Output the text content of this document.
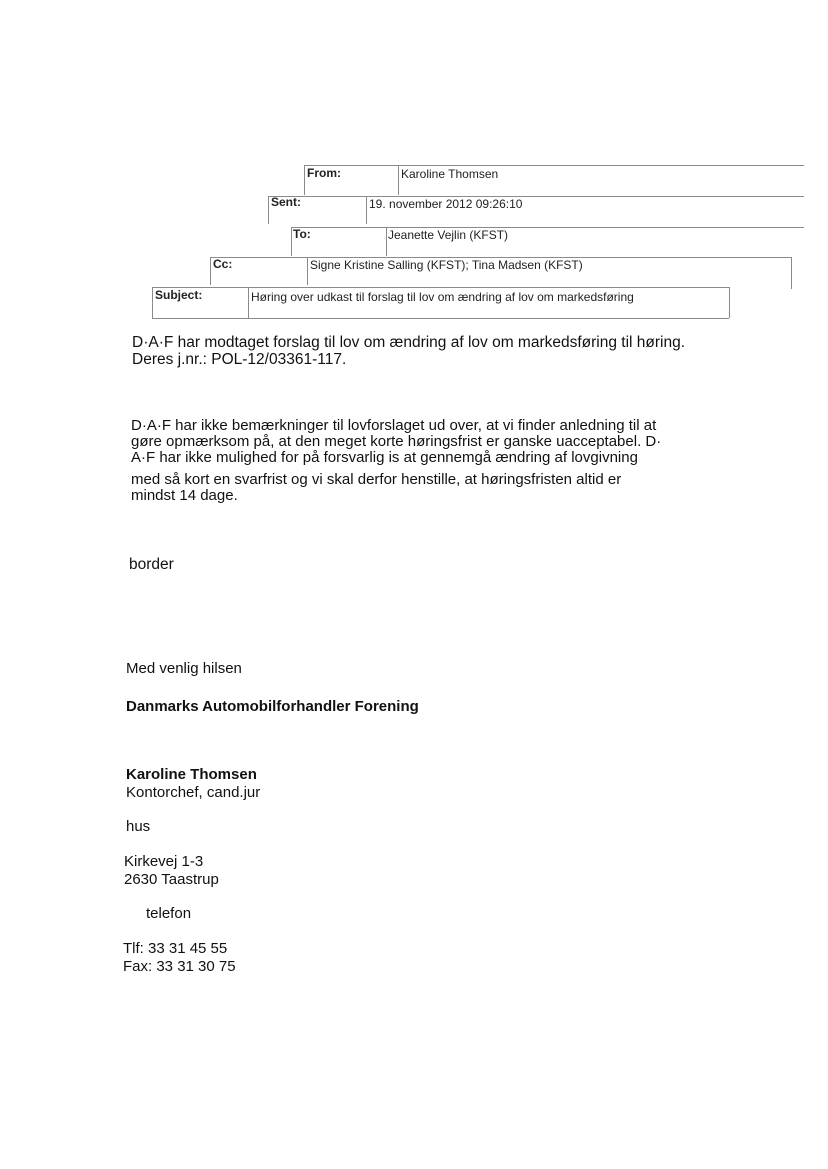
From:	Karoline Thomsen
Sent:	19. november 2012 09:26:10
To:	Jeanette Vejlin (KFST)
Cc:	Signe Kristine Salling (KFST); Tina Madsen (KFST)
Subject:	Høring over udkast til forslag til lov om ændring af lov om markedsføring
D·A·F har modtaget forslag til lov om ændring af lov om markedsføring til høring.
Deres j.nr.: POL-12/03361-117.
D·A·F har ikke bemærkninger til lovforslaget ud over, at vi finder anledning til at
gøre opmærksom på, at den meget korte høringsfrist er ganske uacceptabel. D·
A·F har ikke mulighed for på forsvarlig is at gennemgå ændring af lovgivning
med så kort en svarfrist og vi skal derfor henstille, at høringsfristen altid er
mindst 14 dage.
border
Med venlig hilsen
Danmarks Automobilforhandler Forening
Karoline Thomsen
Kontorchef, cand.jur
hus
Kirkevej 1-3
2630 Taastrup
telefon
Tlf: 33 31 45 55
Fax: 33 31 30 75
